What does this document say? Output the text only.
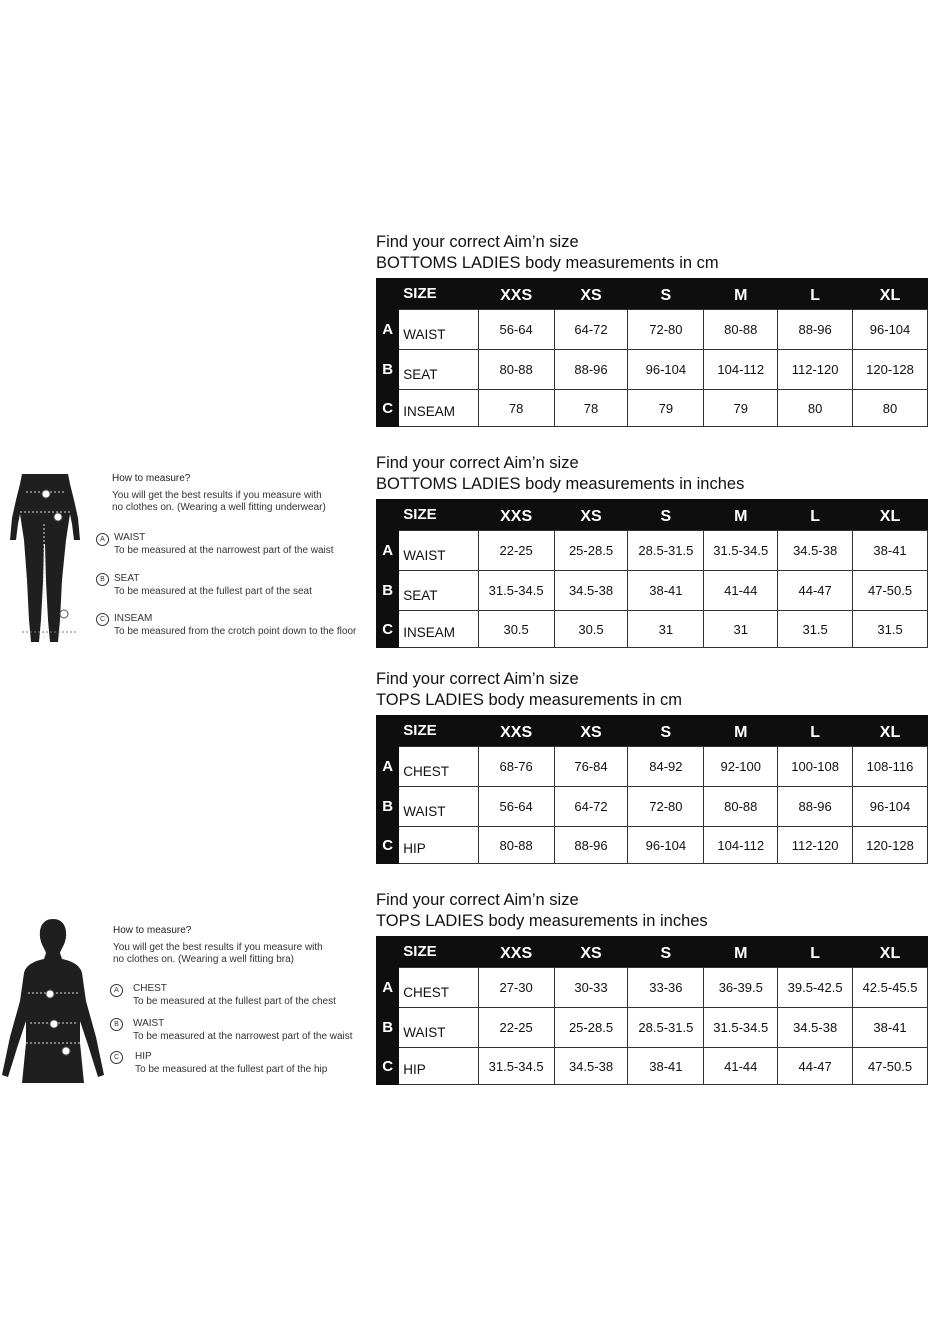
Find your correct Aim’n size
BOTTOMS LADIES body measurements in cm
	SIZE	XXS	XS	S	M	L	XL
A	WAIST	56-64	64-72	72-80	80-88	88-96	96-104
B	SEAT	80-88	88-96	96-104	104-112	112-120	120-128
C	INSEAM	78	78	79	79	80	80
Find your correct Aim’n size
BOTTOMS LADIES body measurements in inches
	SIZE	XXS	XS	S	M	L	XL
A	WAIST	22-25	25-28.5	28.5-31.5	31.5-34.5	34.5-38	38-41
B	SEAT	31.5-34.5	34.5-38	38-41	41-44	44-47	47-50.5
C	INSEAM	30.5	30.5	31	31	31.5	31.5
Find your correct Aim’n size
TOPS LADIES body measurements in cm
	SIZE	XXS	XS	S	M	L	XL
A	CHEST	68-76	76-84	84-92	92-100	100-108	108-116
B	WAIST	56-64	64-72	72-80	80-88	88-96	96-104
C	HIP	80-88	88-96	96-104	104-112	112-120	120-128
Find your correct Aim’n size
TOPS LADIES body measurements in inches
	SIZE	XXS	XS	S	M	L	XL
A	CHEST	27-30	30-33	33-36	36-39.5	39.5-42.5	42.5-45.5
B	WAIST	22-25	25-28.5	28.5-31.5	31.5-34.5	34.5-38	38-41
C	HIP	31.5-34.5	34.5-38	38-41	41-44	44-47	47-50.5
How to measure?
You will get the best results if you measure with
no clothes on. (Wearing a well fitting underwear)
A WAIST
To be measured at the narrowest part of the waist
B SEAT
To be measured at the fullest part of the seat
C INSEAM
To be measured from the crotch point down to the floor
How to measure?
You will get the best results if you measure with
no clothes on. (Wearing a well fitting bra)
A	CHEST
To be measured at the fullest part of the chest
B	WAIST
To be measured at the narrowest part of the waist
C	HIP
To be measured at the fullest part of the hip
